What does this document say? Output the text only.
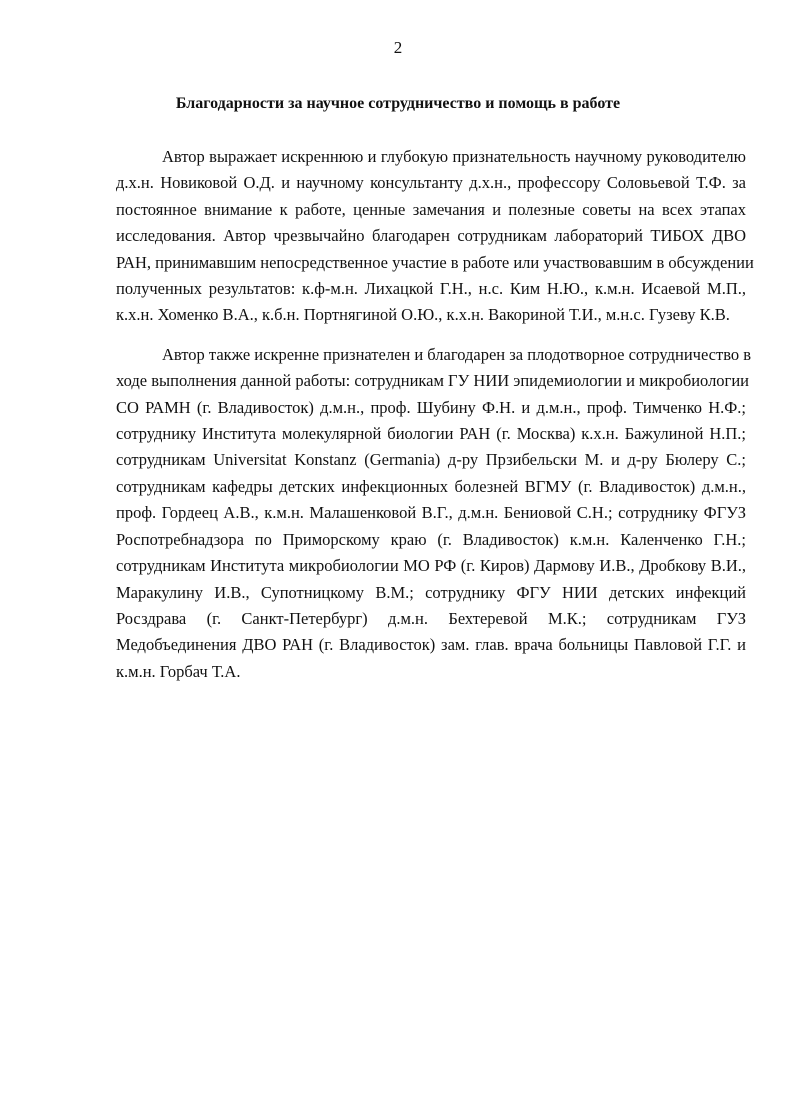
2
Благодарности за научное сотрудничество и помощь в работе
Автор выражает искреннюю и глубокую признательность научному руководителю
д.х.н. Новиковой О.Д. и научному консультанту д.х.н., профессору Соловьевой Т.Ф. за
постоянное внимание к работе, ценные замечания и полезные советы на всех этапах
исследования. Автор чрезвычайно благодарен сотрудникам лабораторий ТИБОХ ДВО
РАН, принимавшим непосредственное участие в работе или участвовавшим в обсуждении
полученных результатов: к.ф-м.н. Лихацкой Г.Н., н.с. Ким Н.Ю., к.м.н. Исаевой М.П.,
к.х.н. Хоменко В.А., к.б.н. Портнягиной О.Ю., к.х.н. Вакориной Т.И., м.н.с. Гузеву К.В.
Автор также искренне признателен и благодарен за плодотворное сотрудничество в
ходе выполнения данной работы: сотрудникам ГУ НИИ эпидемиологии и микробиологии
СО РАМН (г. Владивосток) д.м.н., проф. Шубину Ф.Н. и д.м.н., проф. Тимченко Н.Ф.;
сотруднику Института молекулярной биологии РАН (г. Москва) к.х.н. Бажулиной Н.П.;
сотрудникам Universitat Konstanz (Germania) д-ру Прзибельски М. и д-ру Бюлеру С.;
сотрудникам кафедры детских инфекционных болезней ВГМУ (г. Владивосток) д.м.н.,
проф. Гордеец А.В., к.м.н. Малашенковой В.Г., д.м.н. Бениовой С.Н.; сотруднику ФГУЗ
Роспотребнадзора по Приморскому краю (г. Владивосток) к.м.н. Каленченко Г.Н.;
сотрудникам Института микробиологии МО РФ (г. Киров) Дармову И.В., Дробкову В.И.,
Маракулину И.В., Супотницкому В.М.; сотруднику ФГУ НИИ детских инфекций
Росздрава (г. Санкт-Петербург) д.м.н. Бехтеревой М.К.; сотрудникам ГУЗ
Медобъединения ДВО РАН (г. Владивосток) зам. глав. врача больницы Павловой Г.Г. и
к.м.н. Горбач Т.А.
